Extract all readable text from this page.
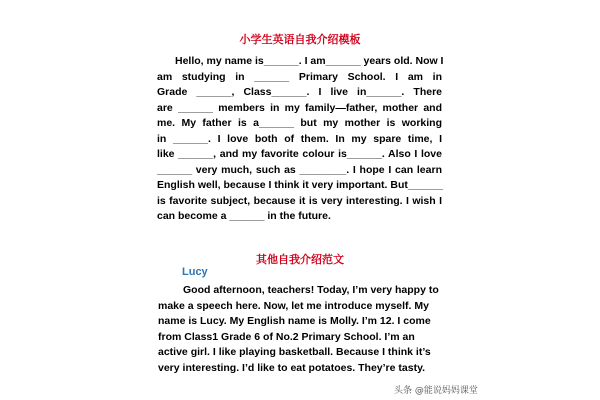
小学生英语自我介绍模板
Hello, my name is______. I am______ years old. Now I
am studying in ______ Primary School. I am in
Grade ______, Class______. I live in______. There
are ______ members in my family—father, mother and
me. My father is a______ but my mother is working
in ______. I love both of them. In my spare time, I
like ______, and my favorite colour is______. Also I love
______ very much, such as ________. I hope I can learn
English well, because I think it very important. But______
is favorite subject, because it is very interesting. I wish I
can become a ______ in the future.
其他自我介绍范文
Lucy
Good afternoon, teachers! Today, I’m very happy to
make a speech here. Now, let me introduce myself. My
name is Lucy. My English name is Molly. I’m 12. I come
from Class1 Grade 6 of No.2 Primary School. I’m an
active girl. I like playing basketball. Because I think it’s
very interesting. I’d like to eat potatoes. They’re tasty.
头条 @能说妈妈课堂
